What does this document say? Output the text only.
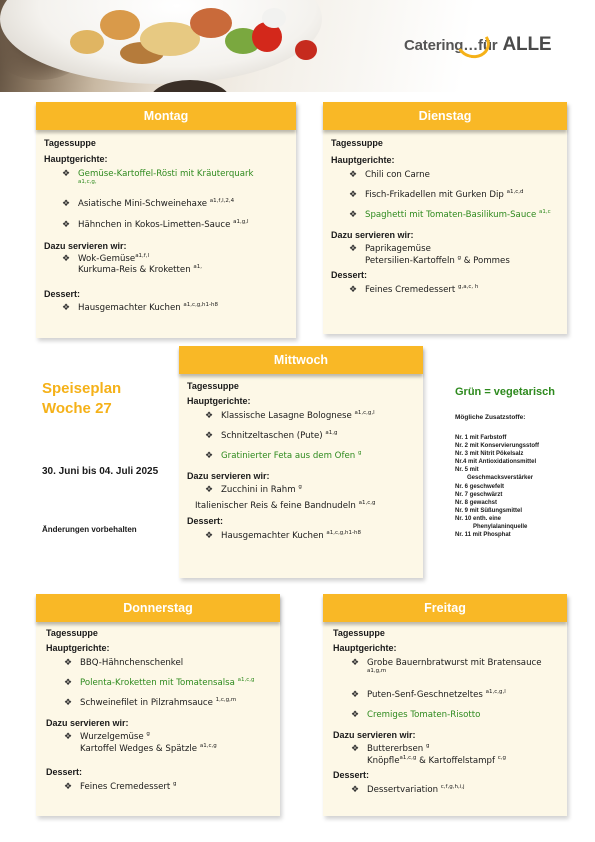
Catering…für ALLE
Montag
Tagessuppe
Hauptgerichte:
❖ Gemüse-Kartoffel-Rösti mit Kräuterquark
$^{a1,c,g,}$
❖ Asiatische Mini-Schweinehaxe $^{a1,f,l,2,4}$
❖ Hähnchen in Kokos-Limetten-Sauce $^{a1,g,l}$
Dazu servieren wir:
❖ Wok-Gemüse$^{a1,f,l}$
Kurkuma-Reis & Kroketten $^{a1,}$
Dessert:
❖ Hausgemachter Kuchen $^{a1,c,g,h1-h8}$
Dienstag
Tagessuppe
Hauptgerichte:
❖ Chili con Carne
❖ Fisch-Frikadellen mit Gurken Dip $^{a1,c,d}$
❖ Spaghetti mit Tomaten-Basilikum-Sauce $^{a1,c}$
Dazu servieren wir:
❖ Paprikagemüse
Petersilien-Kartoffeln $^g$ & Pommes
Dessert:
❖ Feines Cremedessert $^{g,a,c, h}$
Mittwoch
Tagessuppe
Hauptgerichte:
❖ Klassische Lasagne Bolognese $^{a1,c,g,l}$
❖ Schnitzeltaschen (Pute) $^{a1,g}$
❖ Gratinierter Feta aus dem Ofen $^g$
Dazu servieren wir:
❖ Zucchini in Rahm $^g$
Italienischer Reis & feine Bandnudeln $^{a1,c,g}$
Dessert:
❖ Hausgemachter Kuchen $^{a1,c,g,h1-h8}$
Speiseplan
Woche 27
30. Juni bis 04. Juli 2025
Änderungen vorbehalten
Grün = vegetarisch
Mögliche Zusatzstoffe:
Nr. 1 mit Farbstoff
Nr. 2 mit Konservierungsstoff
Nr. 3 mit Nitrit Pökelsalz
Nr.4 mit Antioxidationsmittel
Nr. 5 mit
Geschmacksverstärker
Nr. 6 geschwefelt
Nr. 7 geschwärzt
Nr. 8 gewachst
Nr. 9 mit Süßungsmittel
Nr. 10 enth. eine
Phenylalaninquelle
Nr. 11 mit Phosphat
Donnerstag
Tagessuppe
Hauptgerichte:
❖ BBQ-Hähnchenschenkel
❖ Polenta-Kroketten mit Tomatensalsa $^{a1,c,g}$
❖ Schweinefilet in Pilzrahmsauce $^{1,c,g,m}$
Dazu servieren wir:
❖ Wurzelgemüse $^g$
Kartoffel Wedges & Spätzle $^{a1,c,g}$
Dessert:
❖ Feines Cremedessert $^g$
Freitag
Tagessuppe
Hauptgerichte:
❖ Grobe Bauernbratwurst mit Bratensauce
$^{a1,g,m}$
❖ Puten-Senf-Geschnetzeltes $^{a1,c,g,l}$
❖ Cremiges Tomaten-Risotto
Dazu servieren wir:
❖ Buttererbsen $^g$
Knöpfle$^{a1,c,g}$ & Kartoffelstampf $^{c,g}$
Dessert:
❖ Dessertvariation $^{c,f,g,h,i,j}$
